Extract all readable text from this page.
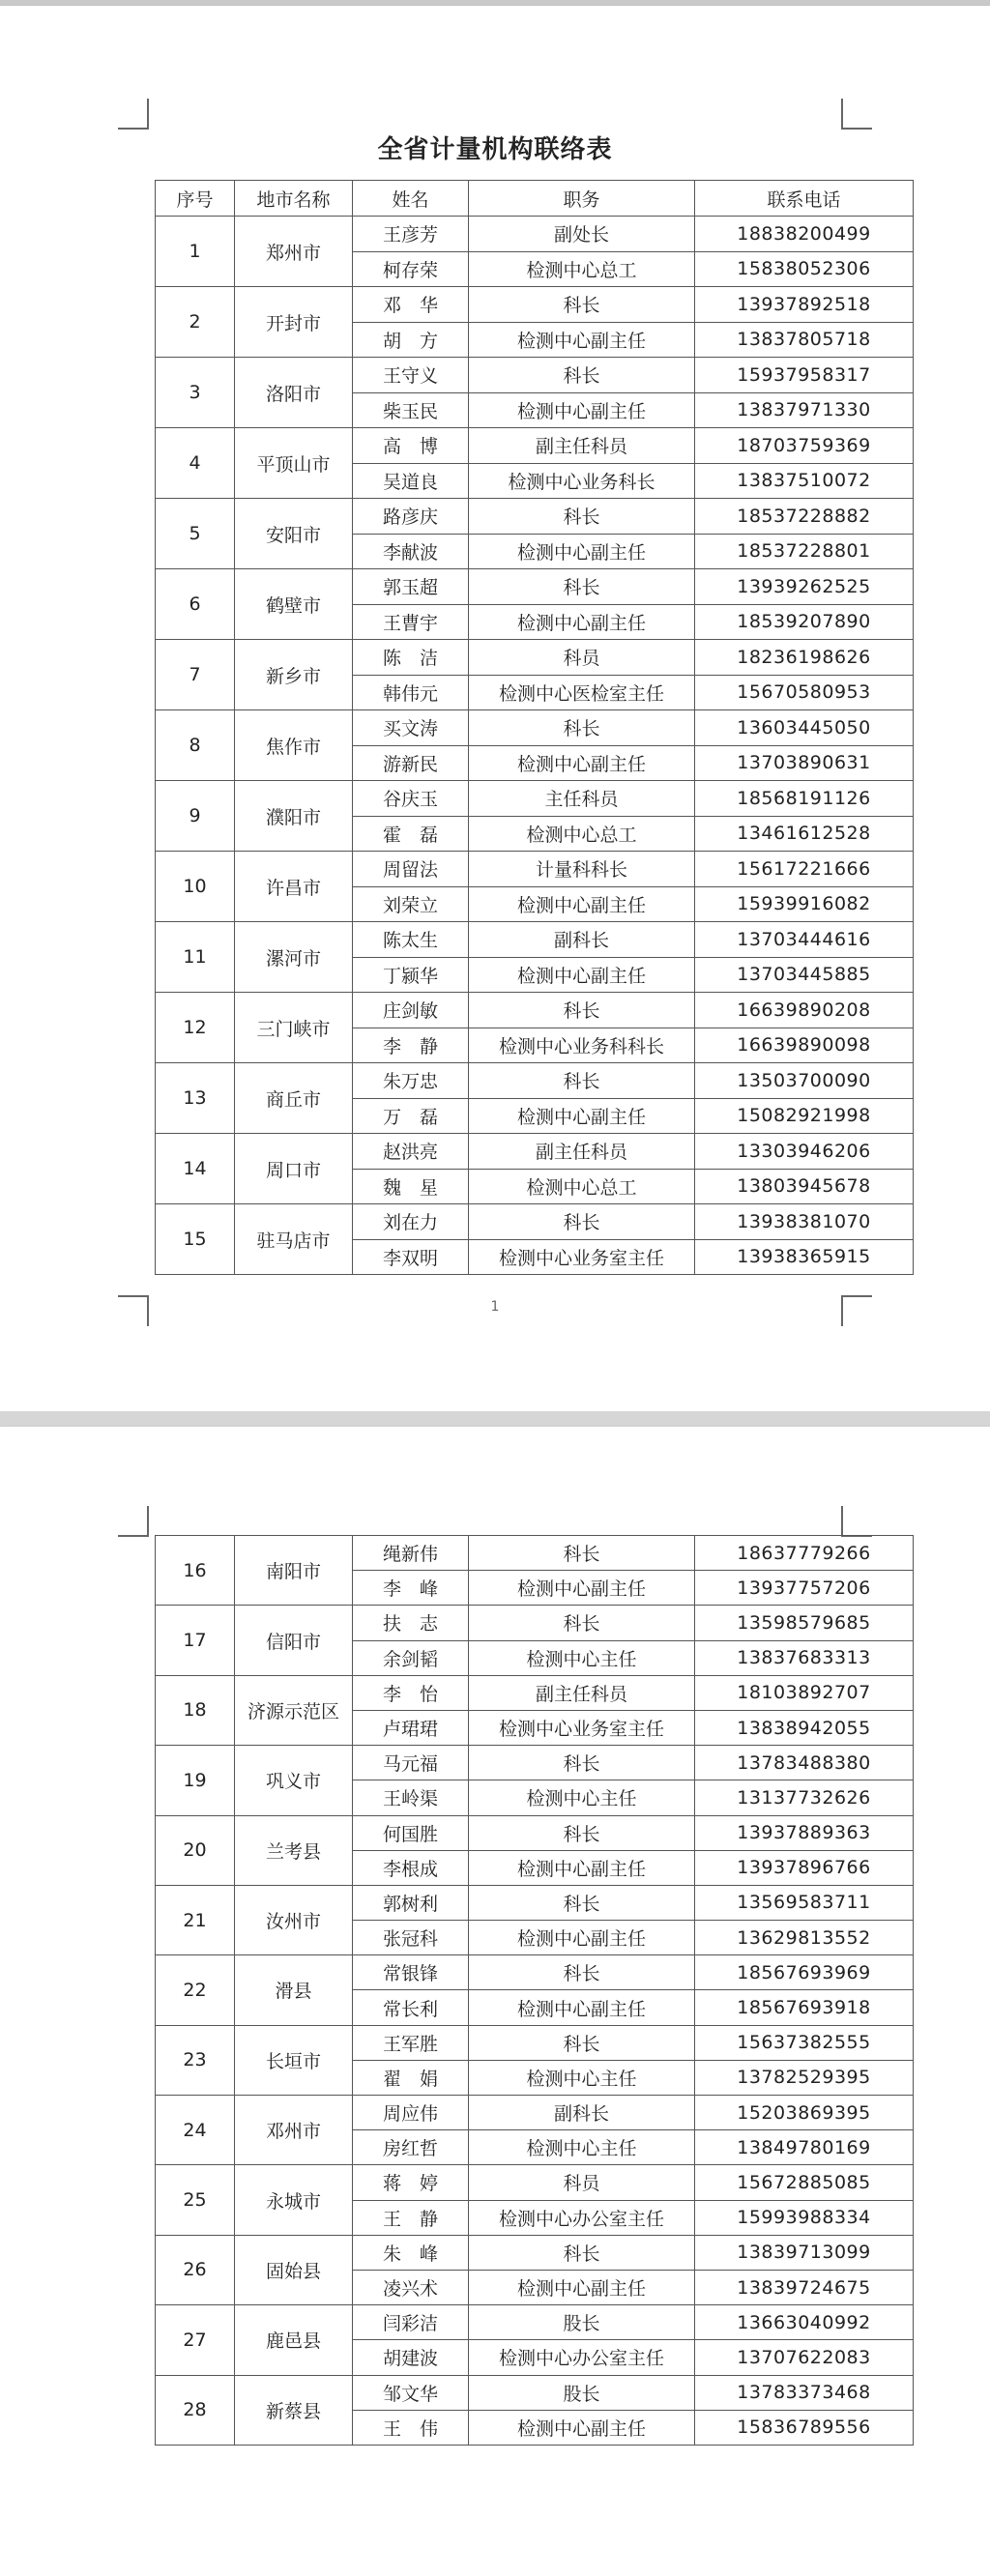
全省计量机构联络表
序号	地市名称	姓名	职务	联系电话
1	郑州市	王彦芳	副处长	18838200499
		柯存荣	检测中心总工	15838052306
2	开封市	邓　华	科长	13937892518
		胡　方	检测中心副主任	13837805718
3	洛阳市	王守义	科长	15937958317
		柴玉民	检测中心副主任	13837971330
4	平顶山市	高　博	副主任科员	18703759369
		吴道良	检测中心业务科长	13837510072
5	安阳市	路彦庆	科长	18537228882
		李献波	检测中心副主任	18537228801
6	鹤壁市	郭玉超	科长	13939262525
		王曹宇	检测中心副主任	18539207890
7	新乡市	陈　洁	科员	18236198626
		韩伟元	检测中心医检室主任	15670580953
8	焦作市	买文涛	科长	13603445050
		游新民	检测中心副主任	13703890631
9	濮阳市	谷庆玉	主任科员	18568191126
		霍　磊	检测中心总工	13461612528
10	许昌市	周留法	计量科科长	15617221666
		刘荣立	检测中心副主任	15939916082
11	漯河市	陈太生	副科长	13703444616
		丁颍华	检测中心副主任	13703445885
12	三门峡市	庄剑敏	科长	16639890208
		李　静	检测中心业务科科长	16639890098
13	商丘市	朱万忠	科长	13503700090
		万　磊	检测中心副主任	15082921998
14	周口市	赵洪亮	副主任科员	13303946206
		魏　星	检测中心总工	13803945678
15	驻马店市	刘在力	科长	13938381070
		李双明	检测中心业务室主任	13938365915
1
16	南阳市	绳新伟	科长	18637779266
		李　峰	检测中心副主任	13937757206
17	信阳市	扶　志	科长	13598579685
		余剑韬	检测中心主任	13837683313
18	济源示范区	李　怡	副主任科员	18103892707
		卢珺珺	检测中心业务室主任	13838942055
19	巩义市	马元福	科长	13783488380
		王岭渠	检测中心主任	13137732626
20	兰考县	何国胜	科长	13937889363
		李根成	检测中心副主任	13937896766
21	汝州市	郭树利	科长	13569583711
		张冠科	检测中心副主任	13629813552
22	滑县	常银锋	科长	18567693969
		常长利	检测中心副主任	18567693918
23	长垣市	王军胜	科长	15637382555
		翟　娟	检测中心主任	13782529395
24	邓州市	周应伟	副科长	15203869395
		房红哲	检测中心主任	13849780169
25	永城市	蒋　婷	科员	15672885085
		王　静	检测中心办公室主任	15993988334
26	固始县	朱　峰	科长	13839713099
		凌兴术	检测中心副主任	13839724675
27	鹿邑县	闫彩洁	股长	13663040992
		胡建波	检测中心办公室主任	13707622083
28	新蔡县	邹文华	股长	13783373468
		王　伟	检测中心副主任	15836789556
